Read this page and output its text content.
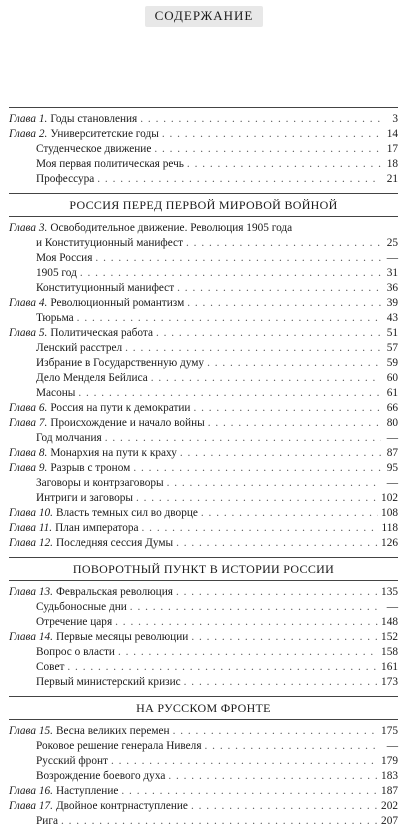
СОДЕРЖАНИЕ
Глава 1. Годы становления . . .	3
Глава 2. Университетские годы . . .	14
Студенческое движение . . .	17
Моя первая политическая речь . . .	18
Профессура . . .	21
РОССИЯ ПЕРЕД ПЕРВОЙ МИРОВОЙ ВОЙНОЙ
Глава 3. Освободительное движение. Революция 1905 года
и Конституционный манифест . . .	25
Моя Россия . . .	—
1905 год . . .	31
Конституционный манифест . . .	36
Глава 4. Революционный романтизм . . .	39
Тюрьма . . .	43
Глава 5. Политическая работа . . .	51
Ленский расстрел . . .	57
Избрание в Государственную думу . . .	59
Дело Менделя Бейлиса . . .	60
Масоны . . .	61
Глава 6. Россия на пути к демократии . . .	66
Глава 7. Происхождение и начало войны . . .	80
Год молчания . . .	—
Глава 8. Монархия на пути к краху . . .	87
Глава 9. Разрыв с троном . . .	95
Заговоры и контрзаговоры . . .	—
Интриги и заговоры . . .	102
Глава 10. Власть темных сил во дворце . . .	108
Глава 11. План императора . . .	118
Глава 12. Последняя сессия Думы . . .	126
ПОВОРОТНЫЙ ПУНКТ В ИСТОРИИ РОССИИ
Глава 13. Февральская революция . . .	135
Судьбоносные дни . . .	—
Отречение царя . . .	148
Глава 14. Первые месяцы революции . . .	152
Вопрос о власти . . .	158
Совет . . .	161
Первый министерский кризис . . .	173
НА РУССКОМ ФРОНТЕ
Глава 15. Весна великих перемен . . .	175
Роковое решение генерала Нивеля . . .	—
Русский фронт . . .	179
Возрождение боевого духа . . .	183
Глава 16. Наступление . . .	187
Глава 17. Двойное контрнаступление . . .	202
Рига . . .	207
